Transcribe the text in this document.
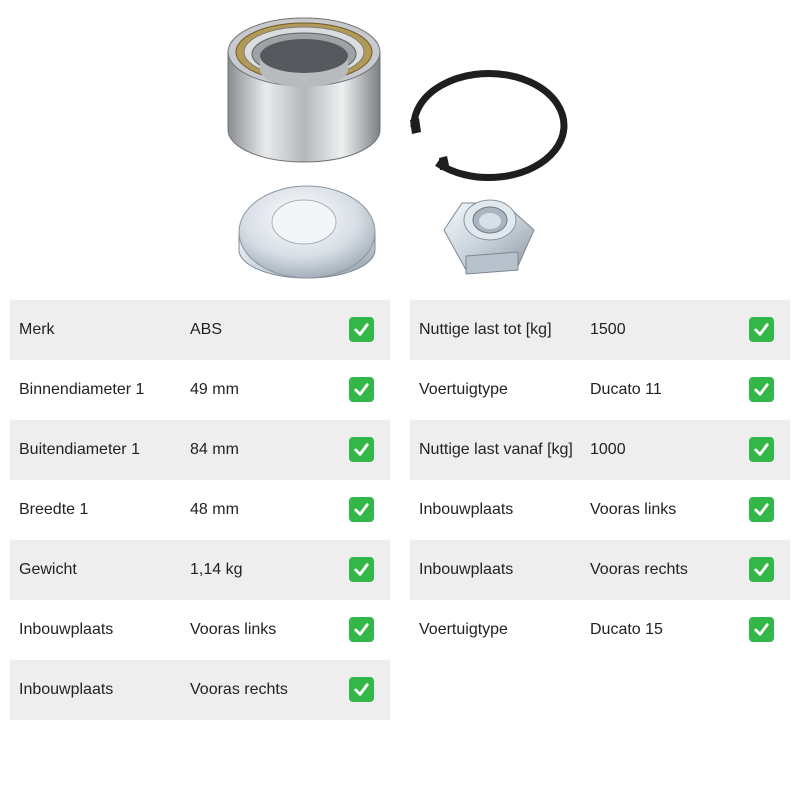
Merk	ABS
Binnendiameter 1	49 mm
Buitendiameter 1	84 mm
Breedte 1	48 mm
Gewicht	1,14 kg
Inbouwplaats	Vooras links
Inbouwplaats	Vooras rechts
Nuttige last tot [kg]	1500
Voertuigtype	Ducato 11
Nuttige last vanaf [kg]	1000
Inbouwplaats	Vooras links
Inbouwplaats	Vooras rechts
Voertuigtype	Ducato 15
